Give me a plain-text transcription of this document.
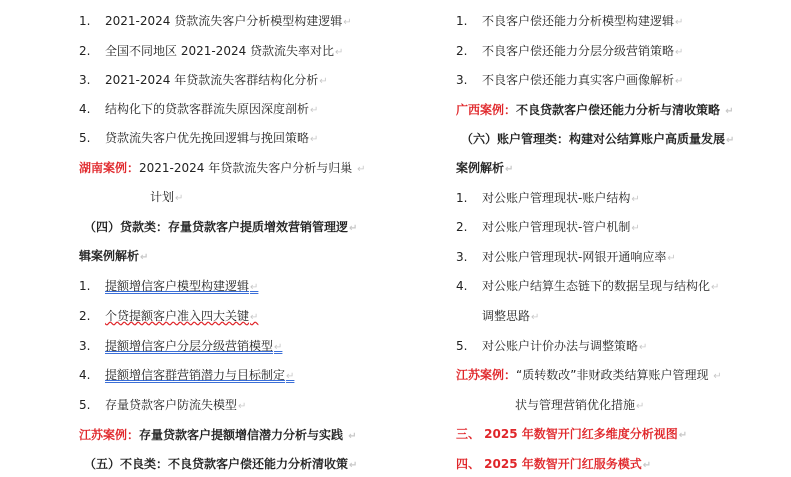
1. 2021-2024 贷款流失客户分析模型构建逻辑↵
2. 全国不同地区 2021-2024 贷款流失率对比↵
3. 2021-2024 年贷款流失客群结构化分析↵
4. 结构化下的贷款客群流失原因深度剖析↵
5. 贷款流失客户优先挽回逻辑与挽回策略↵
湖南案例：2021-2024 年贷款流失客户分析与归巢 ↵
计划↵
（四）贷款类：存量贷款客户提质增效营销管理逻↵
辑案例解析↵
1. 提额增信客户模型构建逻辑↵
2. 个贷提额客户准入四大关键↵
3. 提额增信客户分层分级营销模型↵
4. 提额增信客群营销潜力与目标制定↵
5. 存量贷款客户防流失模型↵
江苏案例：存量贷款客户提额增信潜力分析与实践 ↵
（五）不良类：不良贷款客户偿还能力分析清收策↵
1. 不良客户偿还能力分析模型构建逻辑↵
2. 不良客户偿还能力分层分级营销策略↵
3. 不良客户偿还能力真实客户画像解析↵
广西案例：不良贷款客户偿还能力分析与清收策略 ↵
（六）账户管理类：构建对公结算账户高质量发展↵
案例解析↵
1. 对公账户管理现状-账户结构↵
2. 对公账户管理现状-管户机制↵
3. 对公账户管理现状-网银开通响应率↵
4. 对公账户结算生态链下的数据呈现与结构化↵
调整思路↵
5. 对公账户计价办法与调整策略↵
江苏案例：“质转数改”非财政类结算账户管理现 ↵
状与管理营销优化措施↵
三、 2025 年数智开门红多维度分析视图↵
四、 2025 年数智开门红服务模式↵
